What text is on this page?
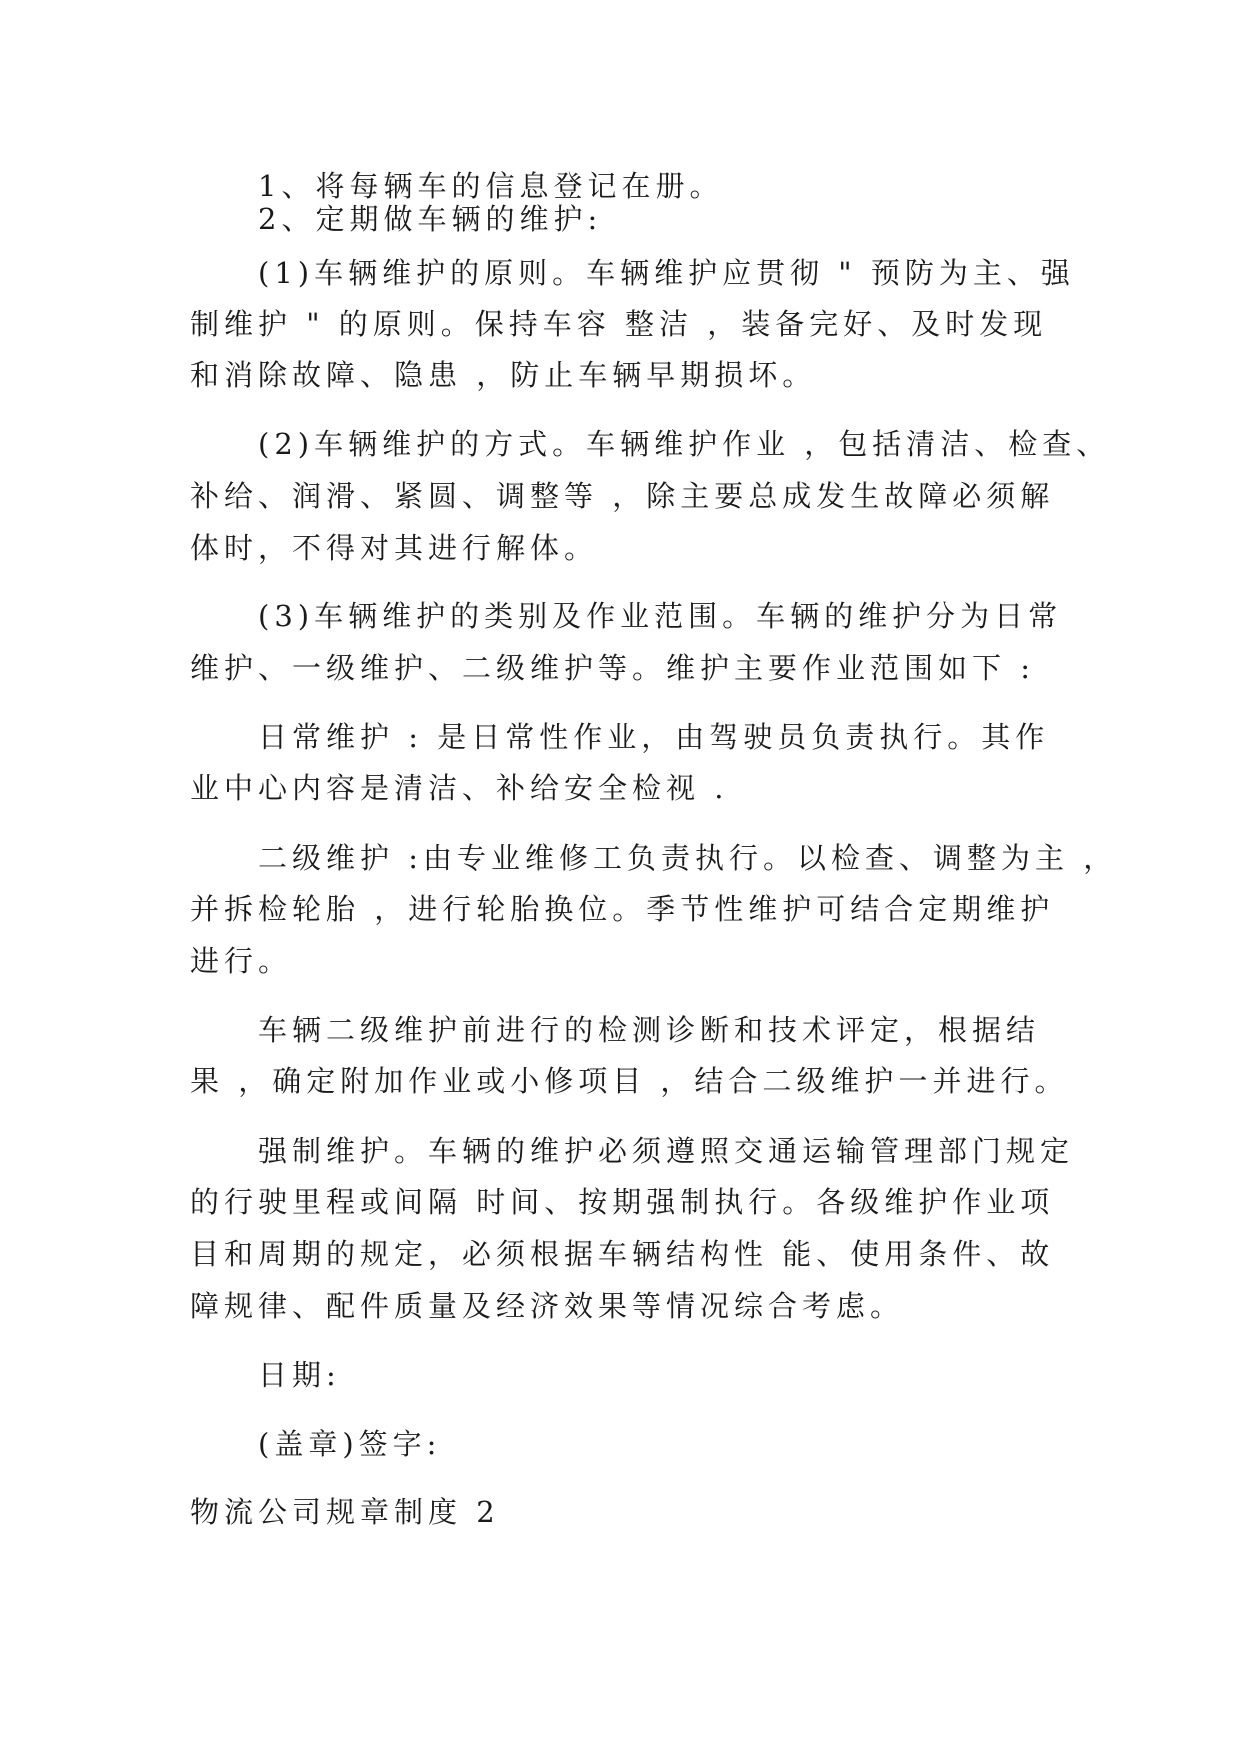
1、将每辆车的信息登记在册。
2、定期做车辆的维护:
(1)车辆维护的原则。车辆维护应贯彻 " 预防为主、强
制维护 " 的原则。保持车容 整洁 ，装备完好、及时发现
和消除故障、隐患 ，防止车辆早期损坏。
(2)车辆维护的方式。车辆维护作业 ，包括清洁、检查、
补给、润滑、紧圆、调整等 ，除主要总成发生故障必须解
体时，不得对其进行解体。
(3)车辆维护的类别及作业范围。车辆的维护分为日常
维护、一级维护、二级维护等。维护主要作业范围如下 :
日常维护 : 是日常性作业，由驾驶员负责执行。其作
业中心内容是清洁、补给安全检视 .
二级维护 :由专业维修工负责执行。以检查、调整为主 ，
并拆检轮胎 ，进行轮胎换位。季节性维护可结合定期维护
进行。
车辆二级维护前进行的检测诊断和技术评定，根据结
果 ，确定附加作业或小修项目 ，结合二级维护一并进行。
强制维护。车辆的维护必须遵照交通运输管理部门规定
的行驶里程或间隔 时间、按期强制执行。各级维护作业项
目和周期的规定，必须根据车辆结构性 能、使用条件、故
障规律、配件质量及经济效果等情况综合考虑。
日期:
(盖章)签字:
物流公司规章制度 2
